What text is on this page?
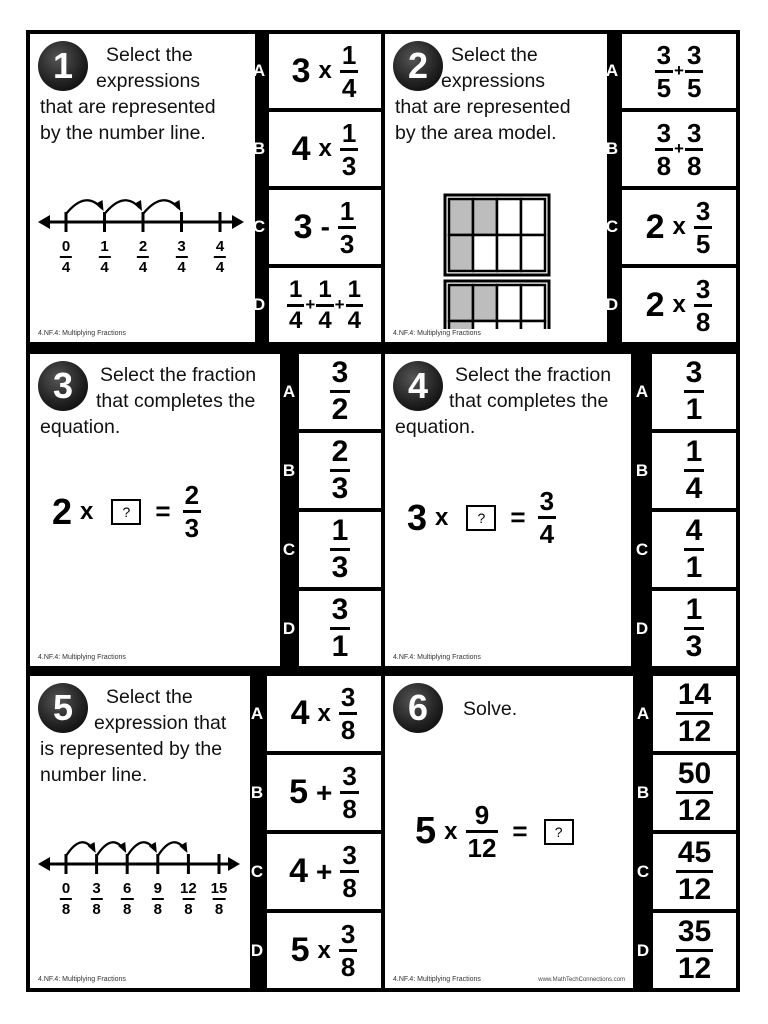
1	Select the
expressions
that are represented
by the number line.
$\frac{0}{4} \frac{1}{4} \frac{2}{4} \frac{3}{4} \frac{4}{4}$
4.NF.4: Multiplying Fractions
A 3 x $\frac{1}{4}$
B 4 x $\frac{1}{3}$
C $3 - \frac{1}{3}$
D $\frac{1}{4} + \frac{1}{4} + \frac{1}{4}$
2	Select the
expressions
that are represented
by the area model.
4.NF.4: Multiplying Fractions
A $\frac{3}{5} + \frac{3}{5}$
B $\frac{3}{8} + \frac{3}{8}$
C 2 x $\frac{3}{5}$
D 2 x $\frac{3}{8}$
3	Select the fraction
that completes the
equation.
2 x	? = $\frac{2}{3}$
4.NF.4: Multiplying Fractions
A $\frac{3}{2}$
B $\frac{2}{3}$
C $\frac{1}{3}$
D $\frac{3}{1}$
4	Select the fraction
that completes the
equation.
3 x	? = $\frac{3}{4}$
4.NF.4: Multiplying Fractions
A $\frac{3}{1}$
B $\frac{1}{4}$
C $\frac{4}{1}$
D $\frac{1}{3}$
5	Select the
expression that
is represented by the
number line.
$\frac{0}{8} \frac{3}{8} \frac{6}{8} \frac{9}{8} \frac{12}{8} \frac{15}{8}$
4.NF.4: Multiplying Fractions
A 4 x $\frac{3}{8}$
B $5 + \frac{3}{8}$
C $4 + \frac{3}{8}$
D 5 x $\frac{3}{8}$
6	Solve.
5 x $\frac{9}{12}$ =	?
4.NF.4: Multiplying Fractions	www.MathTechConnections.com
A $\frac{14}{12}$
B $\frac{50}{12}$
C $\frac{45}{12}$
D $\frac{35}{12}$
